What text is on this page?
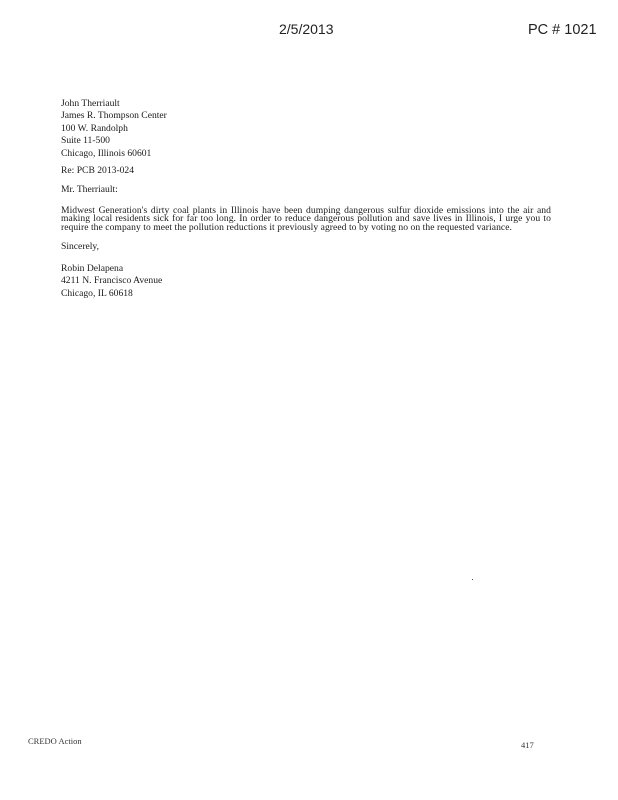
2/5/2013	PC # 1021
John Therriault
James R. Thompson Center
100 W. Randolph
Suite 11-500
Chicago, Illinois 60601
Re: PCB 2013-024
Mr. Therriault:
Midwest Generation's dirty coal plants in Illinois have been dumping dangerous sulfur dioxide emissions into the air and making local residents sick for far too long. In order to reduce dangerous pollution and save lives in Illinois, I urge you to require the company to meet the pollution reductions it previously agreed to by voting no on the requested variance.
Sincerely,
Robin Delapena
4211 N. Francisco Avenue
Chicago, IL 60618
CREDO Action	417
